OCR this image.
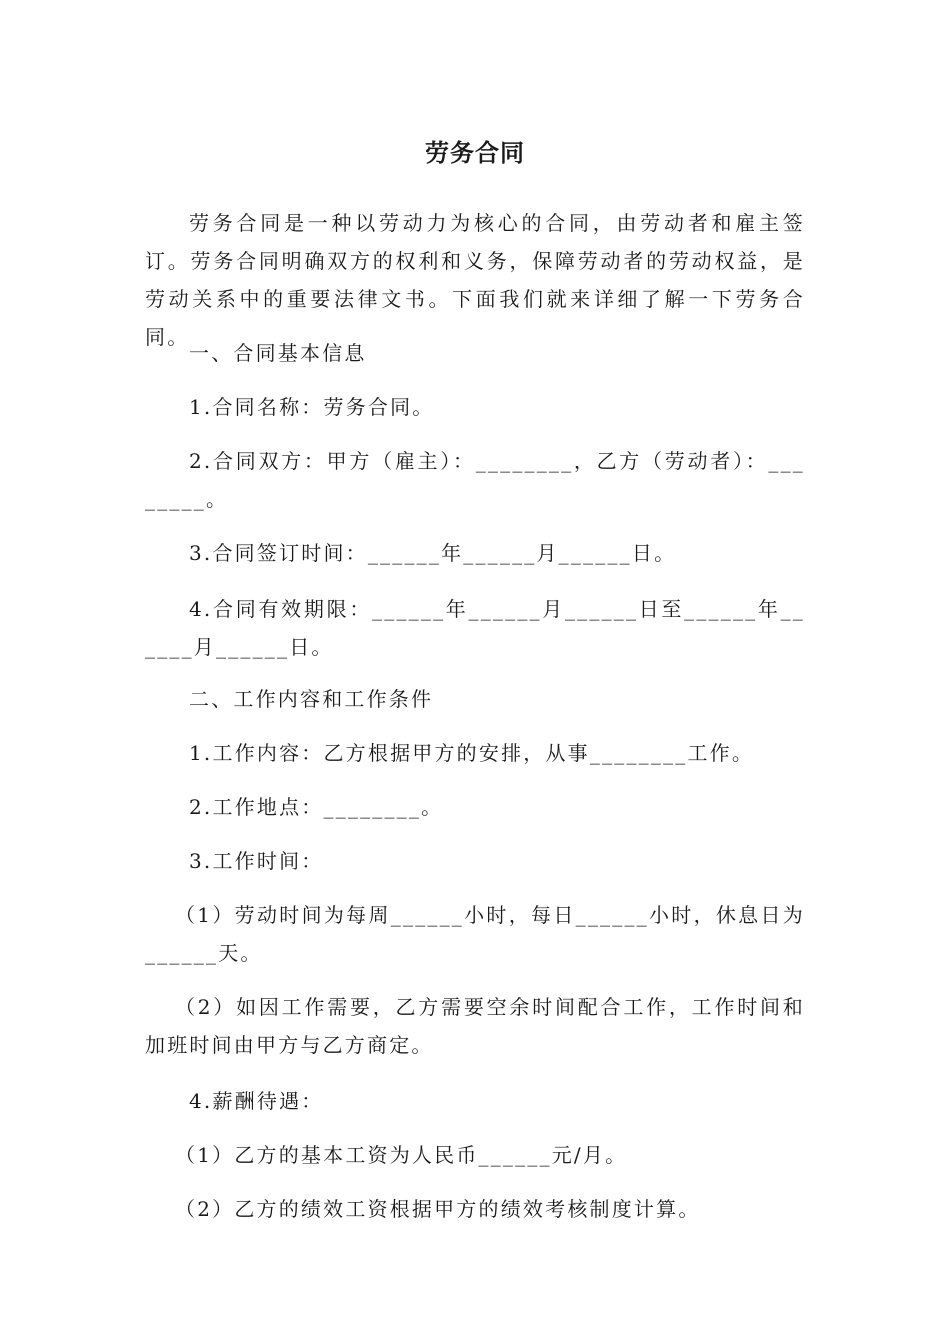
劳务合同
劳务合同是一种以劳动力为核心的合同，由劳动者和雇主签订。劳务合同明确双方的权利和义务，保障劳动者的劳动权益，是劳动关系中的重要法律文书。下面我们就来详细了解一下劳务合同。
一、合同基本信息
1.合同名称：劳务合同。
2.合同双方：甲方（雇主）：________，乙方（劳动者）：________。
3.合同签订时间：______年______月______日。
4.合同有效期限：______年______月______日至______年______月______日。
二、工作内容和工作条件
1.工作内容：乙方根据甲方的安排，从事________工作。
2.工作地点：________。
3.工作时间：
（1）劳动时间为每周______小时，每日______小时，休息日为______天。
（2）如因工作需要，乙方需要空余时间配合工作，工作时间和加班时间由甲方与乙方商定。
4.薪酬待遇：
（1）乙方的基本工资为人民币______元/月。
（2）乙方的绩效工资根据甲方的绩效考核制度计算。
